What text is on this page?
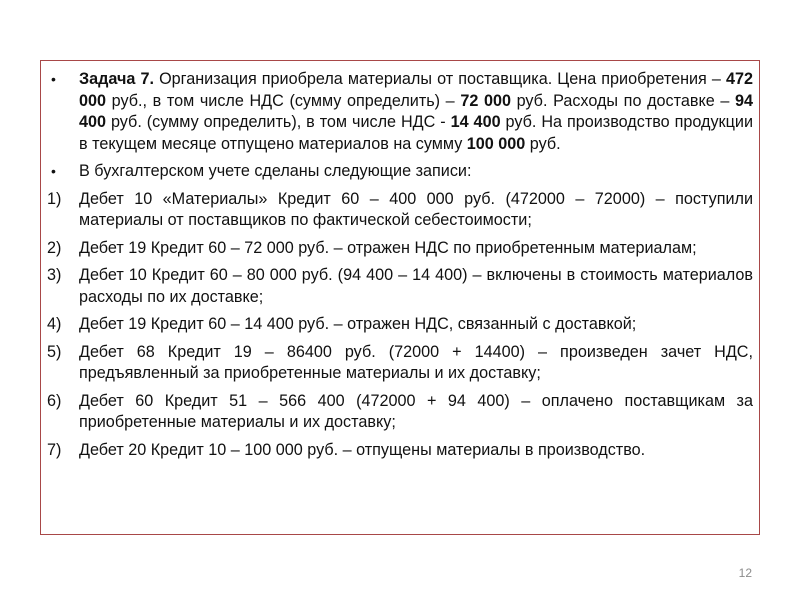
•	Задача 7. Организация приобрела материалы от поставщика. Цена приобретения – 472 000 руб., в том числе НДС (сумму определить) – 72 000 руб. Расходы по доставке – 94 400 руб. (сумму определить), в том числе НДС - 14 400 руб. На производство продукции в текущем месяце отпущено материалов на сумму 100 000 руб.
•	В бухгалтерском учете сделаны следующие записи:
1)	Дебет 10 «Материалы» Кредит 60 – 400 000 руб. (472000 – 72000) – поступили материалы от поставщиков по фактической себестоимости;
2)	Дебет 19 Кредит 60 – 72 000 руб. – отражен НДС по приобретенным материалам;
3)	Дебет 10 Кредит 60 – 80 000 руб. (94 400 – 14 400) – включены в стоимость материалов расходы по их доставке;
4)	Дебет 19 Кредит 60 – 14 400 руб. – отражен НДС, связанный с доставкой;
5)	Дебет 68 Кредит 19 – 86400 руб. (72000 + 14400) – произведен зачет НДС, предъявленный за приобретенные материалы и их доставку;
6)	Дебет 60 Кредит 51 – 566 400 (472000 + 94 400) – оплачено поставщикам за приобретенные материалы и их доставку;
7)	Дебет 20 Кредит 10 – 100 000 руб. – отпущены материалы в производство.
12
